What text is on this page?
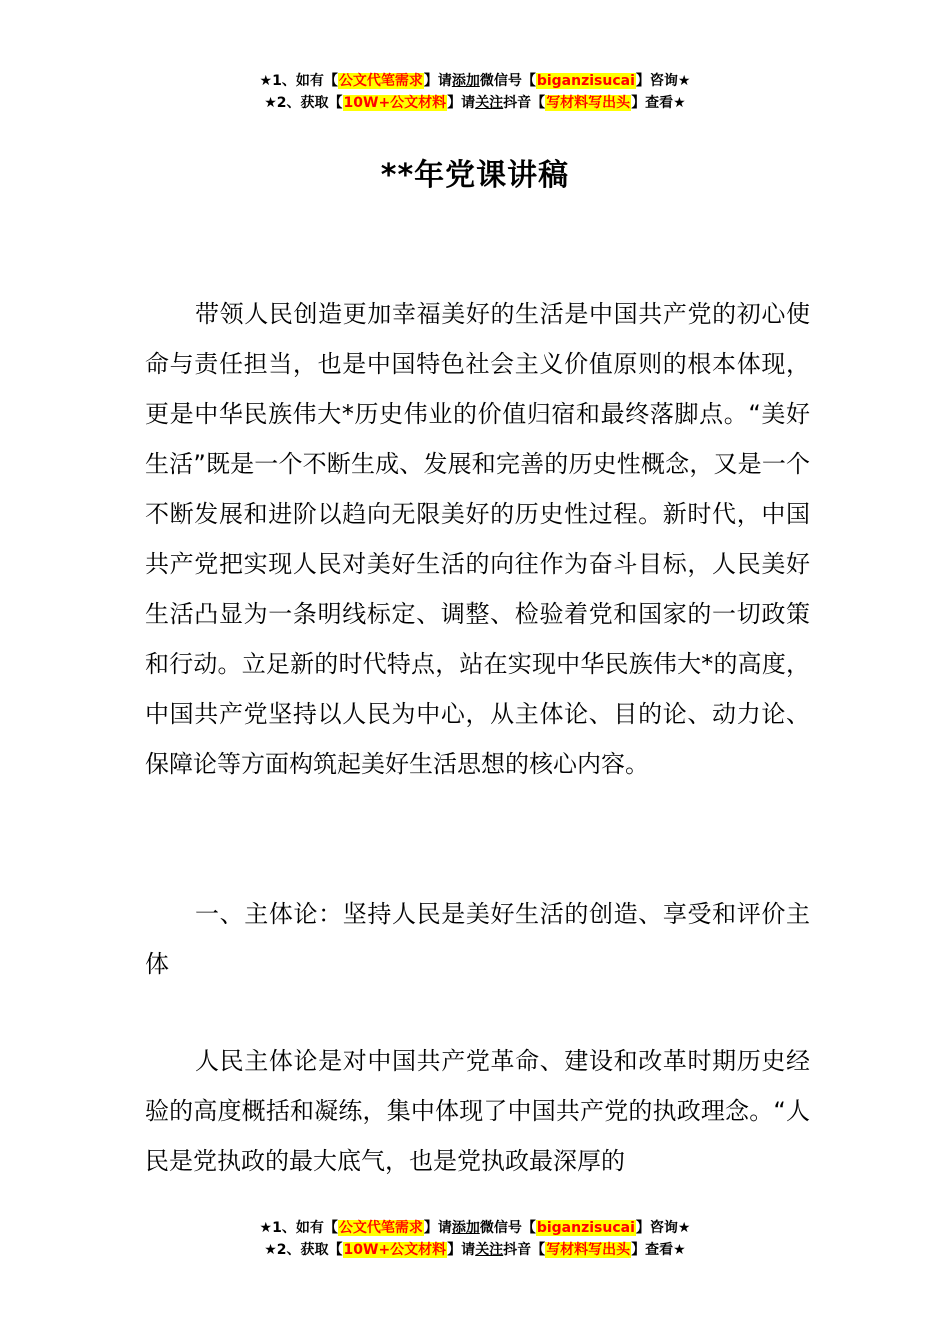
★1、如有【公文代笔需求】请添加微信号【biganzisucai】咨询★
★2、获取【10W+公文材料】请关注抖音【写材料写出头】查看★
**年党课讲稿

带领人民创造更加幸福美好的生活是中国共产党的初心使命与责任担当，也是中国特色社会主义价值原则的根本体现，更是中华民族伟大*历史伟业的价值归宿和最终落脚点。“美好生活”既是一个不断生成、发展和完善的历史性概念，又是一个不断发展和进阶以趋向无限美好的历史性过程。新时代，中国共产党把实现人民对美好生活的向往作为奋斗目标，人民美好生活凸显为一条明线标定、调整、检验着党和国家的一切政策和行动。立足新的时代特点，站在实现中华民族伟大*的高度，中国共产党坚持以人民为中心，从主体论、目的论、动力论、保障论等方面构筑起美好生活思想的核心内容。

一、主体论：坚持人民是美好生活的创造、享受和评价主体

人民主体论是对中国共产党革命、建设和改革时期历史经验的高度概括和凝练，集中体现了中国共产党的执政理念。“人民是党执政的最大底气，也是党执政最深厚的

★1、如有【公文代笔需求】请添加微信号【biganzisucai】咨询★
★2、获取【10W+公文材料】请关注抖音【写材料写出头】查看★
